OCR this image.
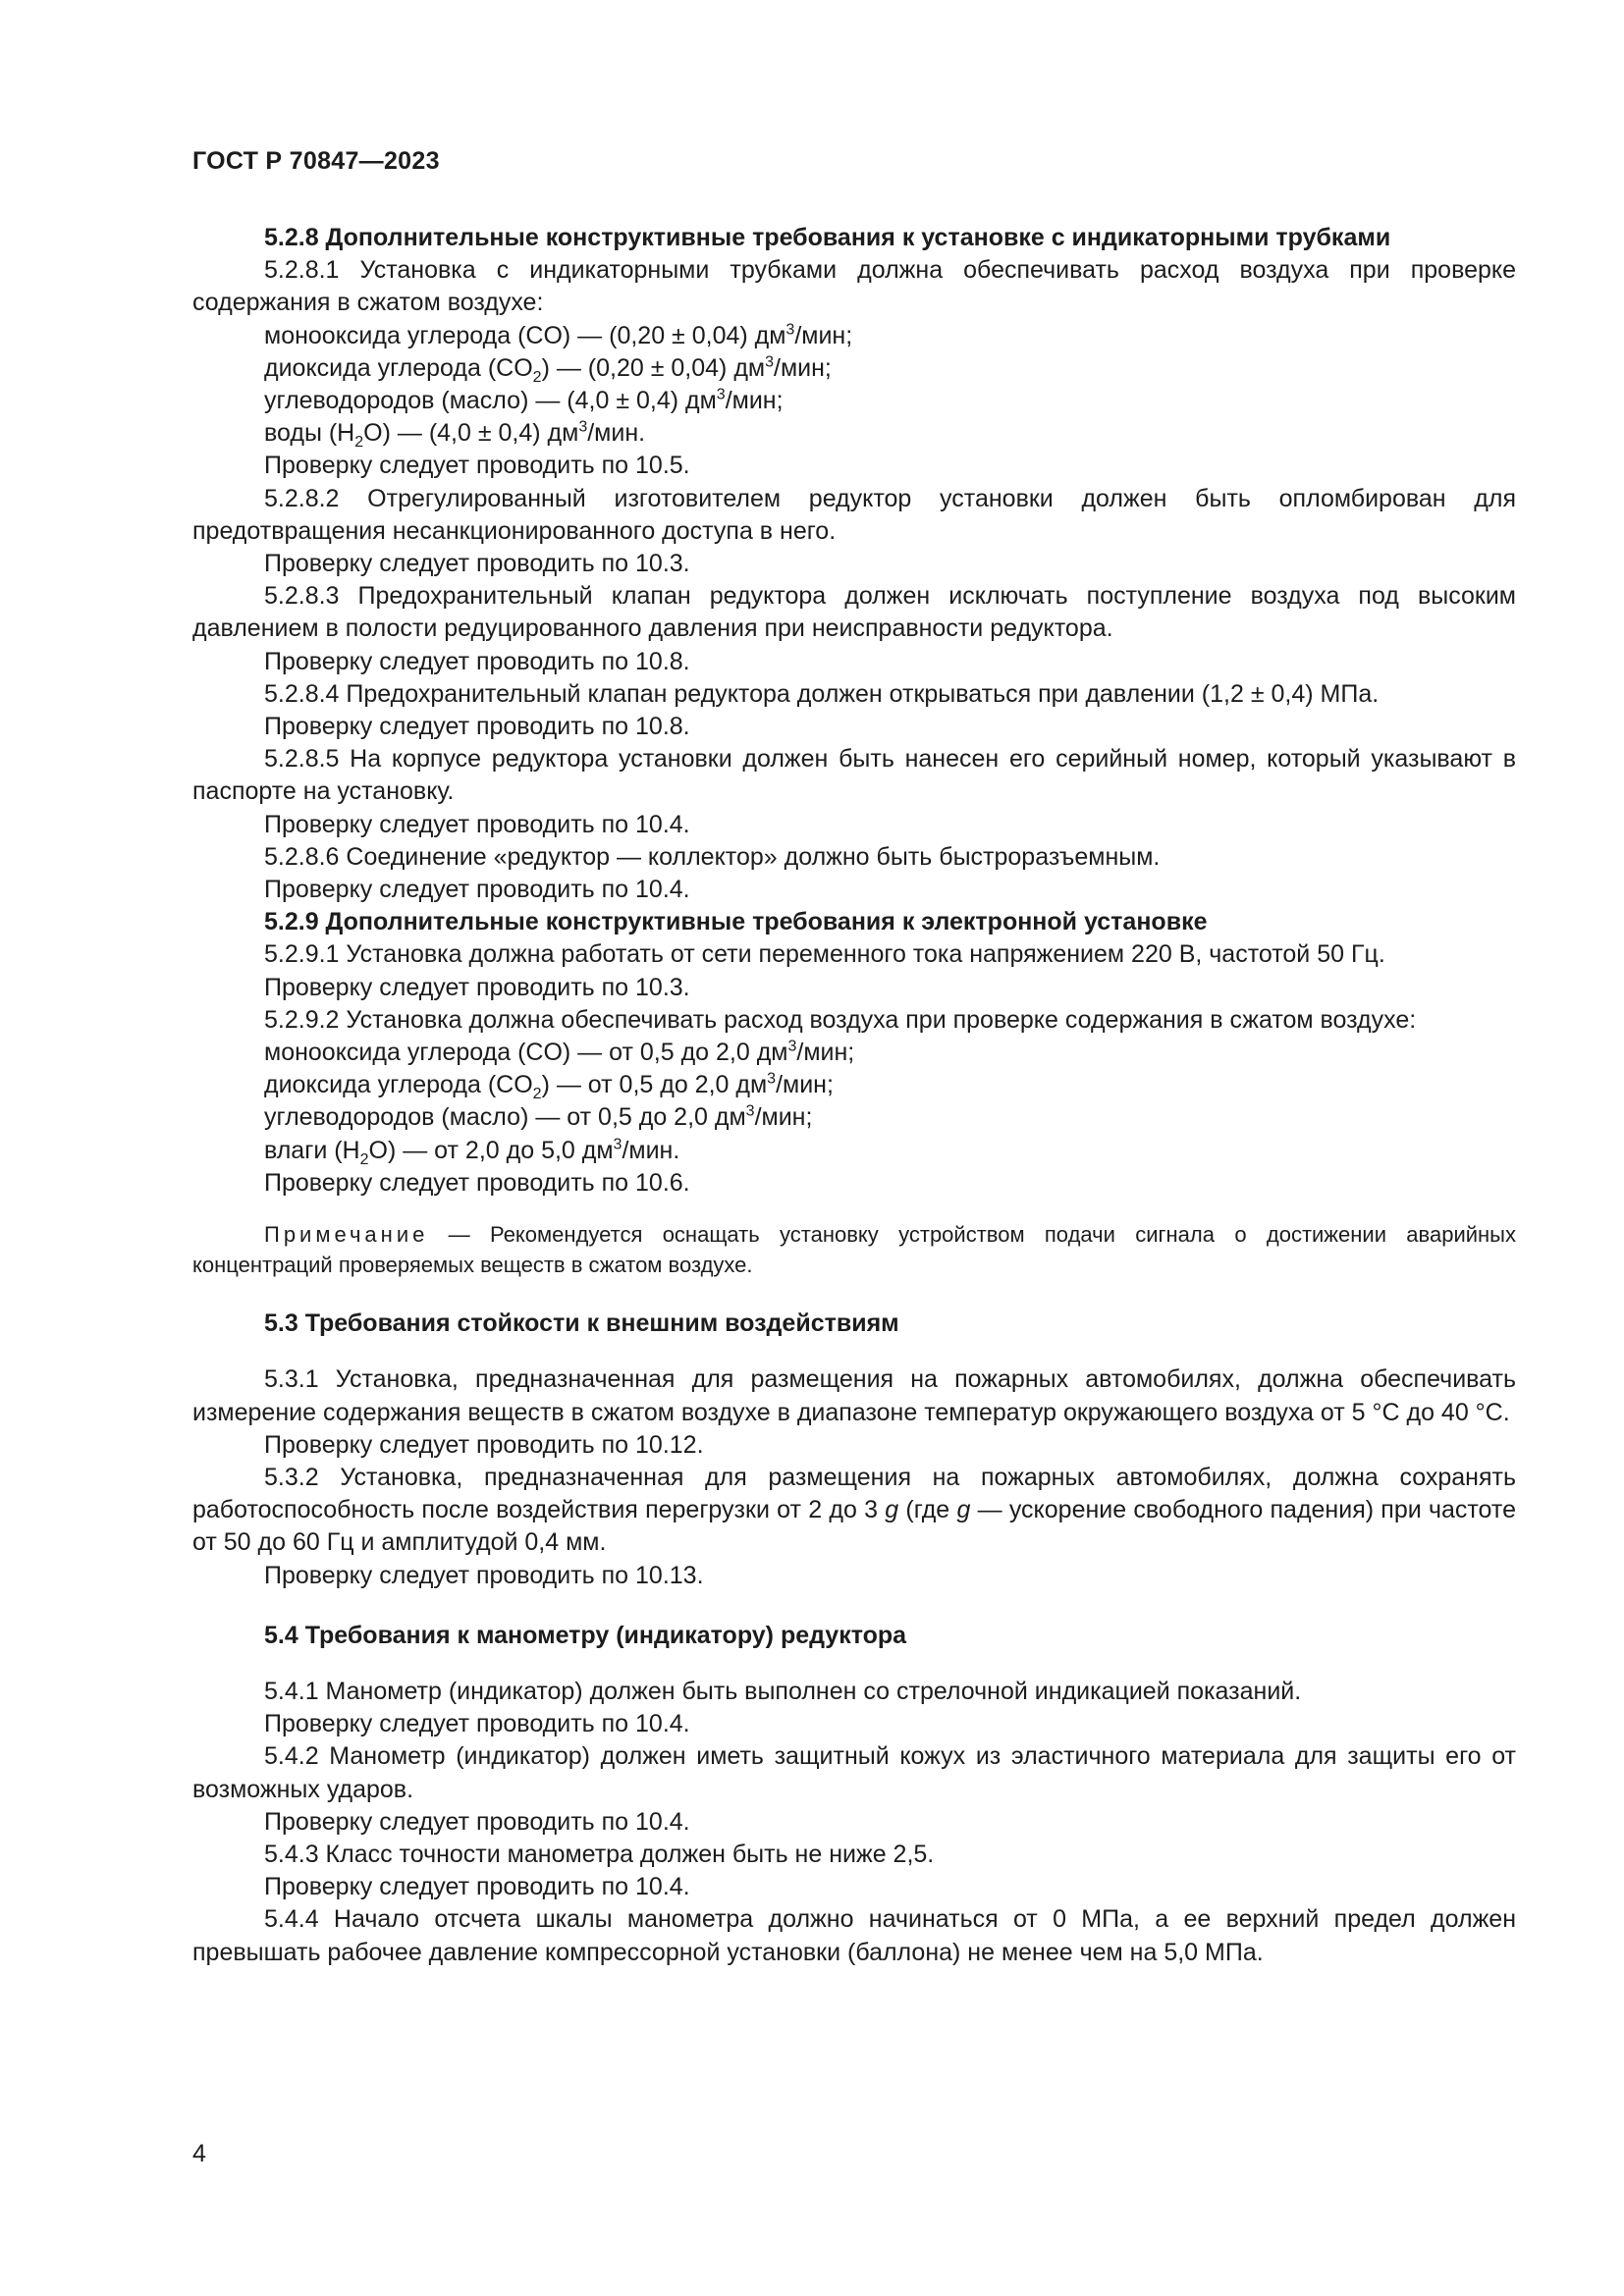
ГОСТ Р 70847—2023
5.2.8 Дополнительные конструктивные требования к установке с индикаторными трубками
5.2.8.1 Установка с индикаторными трубками должна обеспечивать расход воздуха при проверке содержания в сжатом воздухе:
монооксида углерода (CO) — (0,20 ± 0,04) $дм^3$/мин;
диоксида углерода $(CO_2)$ — (0,20 ± 0,04) $дм^3$/мин;
углеводородов (масло) — (4,0 ± 0,4) $дм^3$/мин;
воды $(H_2O)$ — (4,0 ± 0,4) $дм^3$/мин.
Проверку следует проводить по 10.5.
5.2.8.2 Отрегулированный изготовителем редуктор установки должен быть опломбирован для предотвращения несанкционированного доступа в него.
Проверку следует проводить по 10.3.
5.2.8.3 Предохранительный клапан редуктора должен исключать поступление воздуха под высоким давлением в полости редуцированного давления при неисправности редуктора.
Проверку следует проводить по 10.8.
5.2.8.4 Предохранительный клапан редуктора должен открываться при давлении (1,2 ± 0,4) МПа.
Проверку следует проводить по 10.8.
5.2.8.5 На корпусе редуктора установки должен быть нанесен его серийный номер, который указывают в паспорте на установку.
Проверку следует проводить по 10.4.
5.2.8.6 Соединение «редуктор — коллектор» должно быть быстроразъемным.
Проверку следует проводить по 10.4.
5.2.9 Дополнительные конструктивные требования к электронной установке
5.2.9.1 Установка должна работать от сети переменного тока напряжением 220 В, частотой 50 Гц.
Проверку следует проводить по 10.3.
5.2.9.2 Установка должна обеспечивать расход воздуха при проверке содержания в сжатом воздухе:
монооксида углерода (CO) — от 0,5 до 2,0 $дм^3$/мин;
диоксида углерода $(CO_2)$ — от 0,5 до 2,0 $дм^3$/мин;
углеводородов (масло) — от 0,5 до 2,0 $дм^3$/мин;
влаги $(H_2O)$ — от 2,0 до 5,0 $дм^3$/мин.
Проверку следует проводить по 10.6.
Примечание — Рекомендуется оснащать установку устройством подачи сигнала о достижении аварийных концентраций проверяемых веществ в сжатом воздухе.
5.3 Требования стойкости к внешним воздействиям
5.3.1 Установка, предназначенная для размещения на пожарных автомобилях, должна обеспечивать измерение содержания веществ в сжатом воздухе в диапазоне температур окружающего воздуха от 5 °С до 40 °С.
Проверку следует проводить по 10.12.
5.3.2 Установка, предназначенная для размещения на пожарных автомобилях, должна сохранять работоспособность после воздействия перегрузки от 2 до 3 g (где g — ускорение свободного падения) при частоте от 50 до 60 Гц и амплитудой 0,4 мм.
Проверку следует проводить по 10.13.
5.4 Требования к манометру (индикатору) редуктора
5.4.1 Манометр (индикатор) должен быть выполнен со стрелочной индикацией показаний.
Проверку следует проводить по 10.4.
5.4.2 Манометр (индикатор) должен иметь защитный кожух из эластичного материала для защиты его от возможных ударов.
Проверку следует проводить по 10.4.
5.4.3 Класс точности манометра должен быть не ниже 2,5.
Проверку следует проводить по 10.4.
5.4.4 Начало отсчета шкалы манометра должно начинаться от 0 МПа, а ее верхний предел должен превышать рабочее давление компрессорной установки (баллона) не менее чем на 5,0 МПа.
4
